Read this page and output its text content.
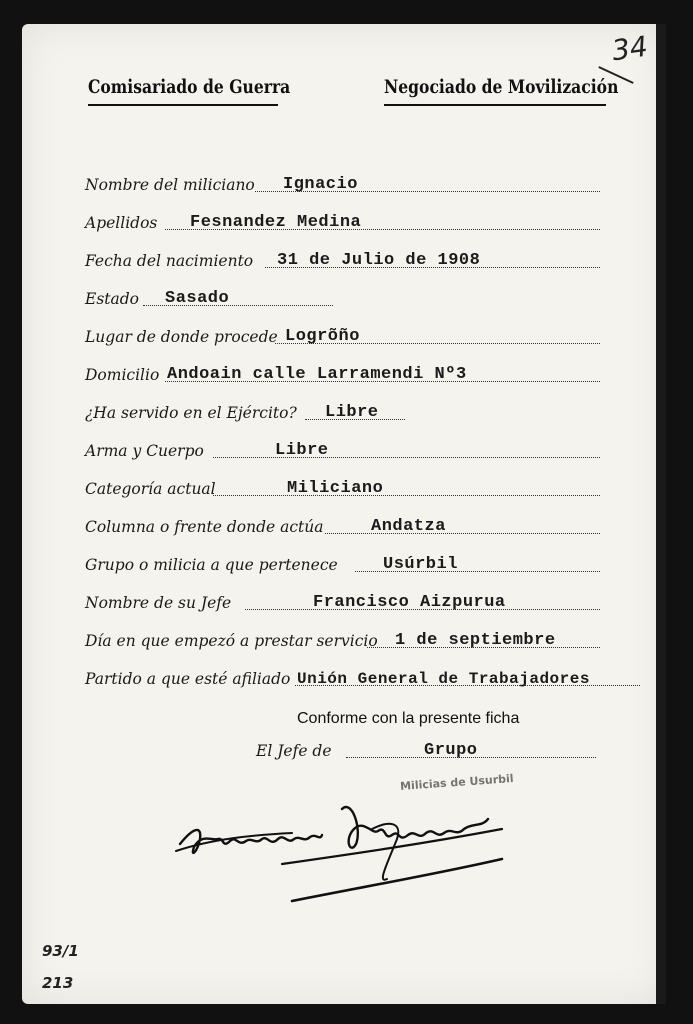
34
Comisariado de Guerra	Negociado de Movilización
Nombre del miliciano Ignacio
Apellidos Fesnandez Medina
Fecha del nacimiento 31 de Julio de 1908
Estado Sasado
Lugar de donde procede Logrõño
Domicilio Andoain calle Larramendi Nº3
¿Ha servido en el Ejército? Libre
Arma y Cuerpo	Libre
Categoría actual	Miliciano
Columna o frente donde actúa	Andatza
Grupo o milicia a que pertenece	Usúrbil
Nombre de su Jefe	Francisco Aizpurua
Día en que empezó a prestar servicio 1 de septiembre
Partido a que esté afiliado Unión General de Trabajadores
Conforme con la presente ficha
El Jefe de	Grupo
Milicias de Usurbil
93/1
213
